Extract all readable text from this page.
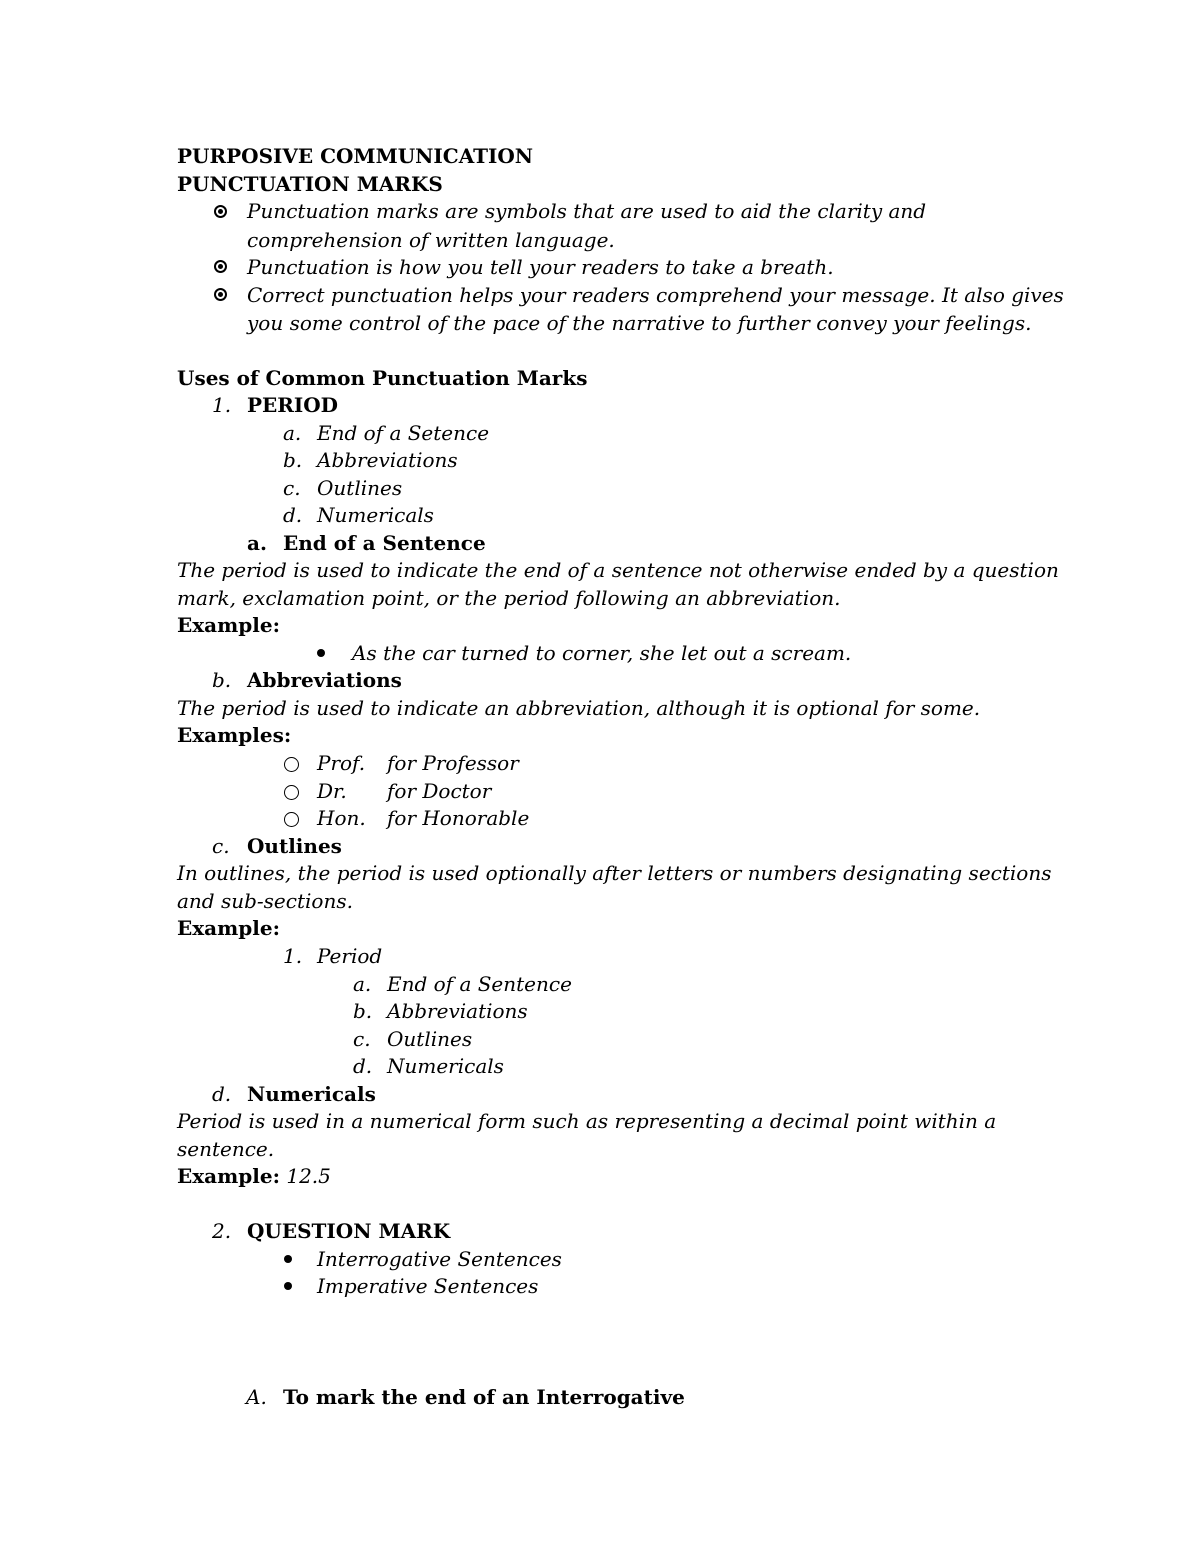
PURPOSIVE COMMUNICATION
PUNCTUATION MARKS
Punctuation marks are symbols that are used to aid the clarity and
comprehension of written language.
Punctuation is how you tell your readers to take a breath.
Correct punctuation helps your readers comprehend your message. It also gives
you some control of the pace of the narrative to further convey your feelings.
Uses of Common Punctuation Marks
1. PERIOD
a. End of a Setence
b. Abbreviations
c. Outlines
d. Numericals
a. End of a Sentence
The period is used to indicate the end of a sentence not otherwise ended by a question
mark, exclamation point, or the period following an abbreviation.
Example:
As the car turned to corner, she let out a scream.
b. Abbreviations
The period is used to indicate an abbreviation, although it is optional for some.
Examples:
Prof. for Professor
Dr. for Doctor
Hon. for Honorable
c. Outlines
In outlines, the period is used optionally after letters or numbers designating sections
and sub-sections.
Example:
1. Period
a. End of a Sentence
b. Abbreviations
c. Outlines
d. Numericals
d. Numericals
Period is used in a numerical form such as representing a decimal point within a
sentence.
Example: 12.5
2. QUESTION MARK
Interrogative Sentences
Imperative Sentences
A. To mark the end of an Interrogative
